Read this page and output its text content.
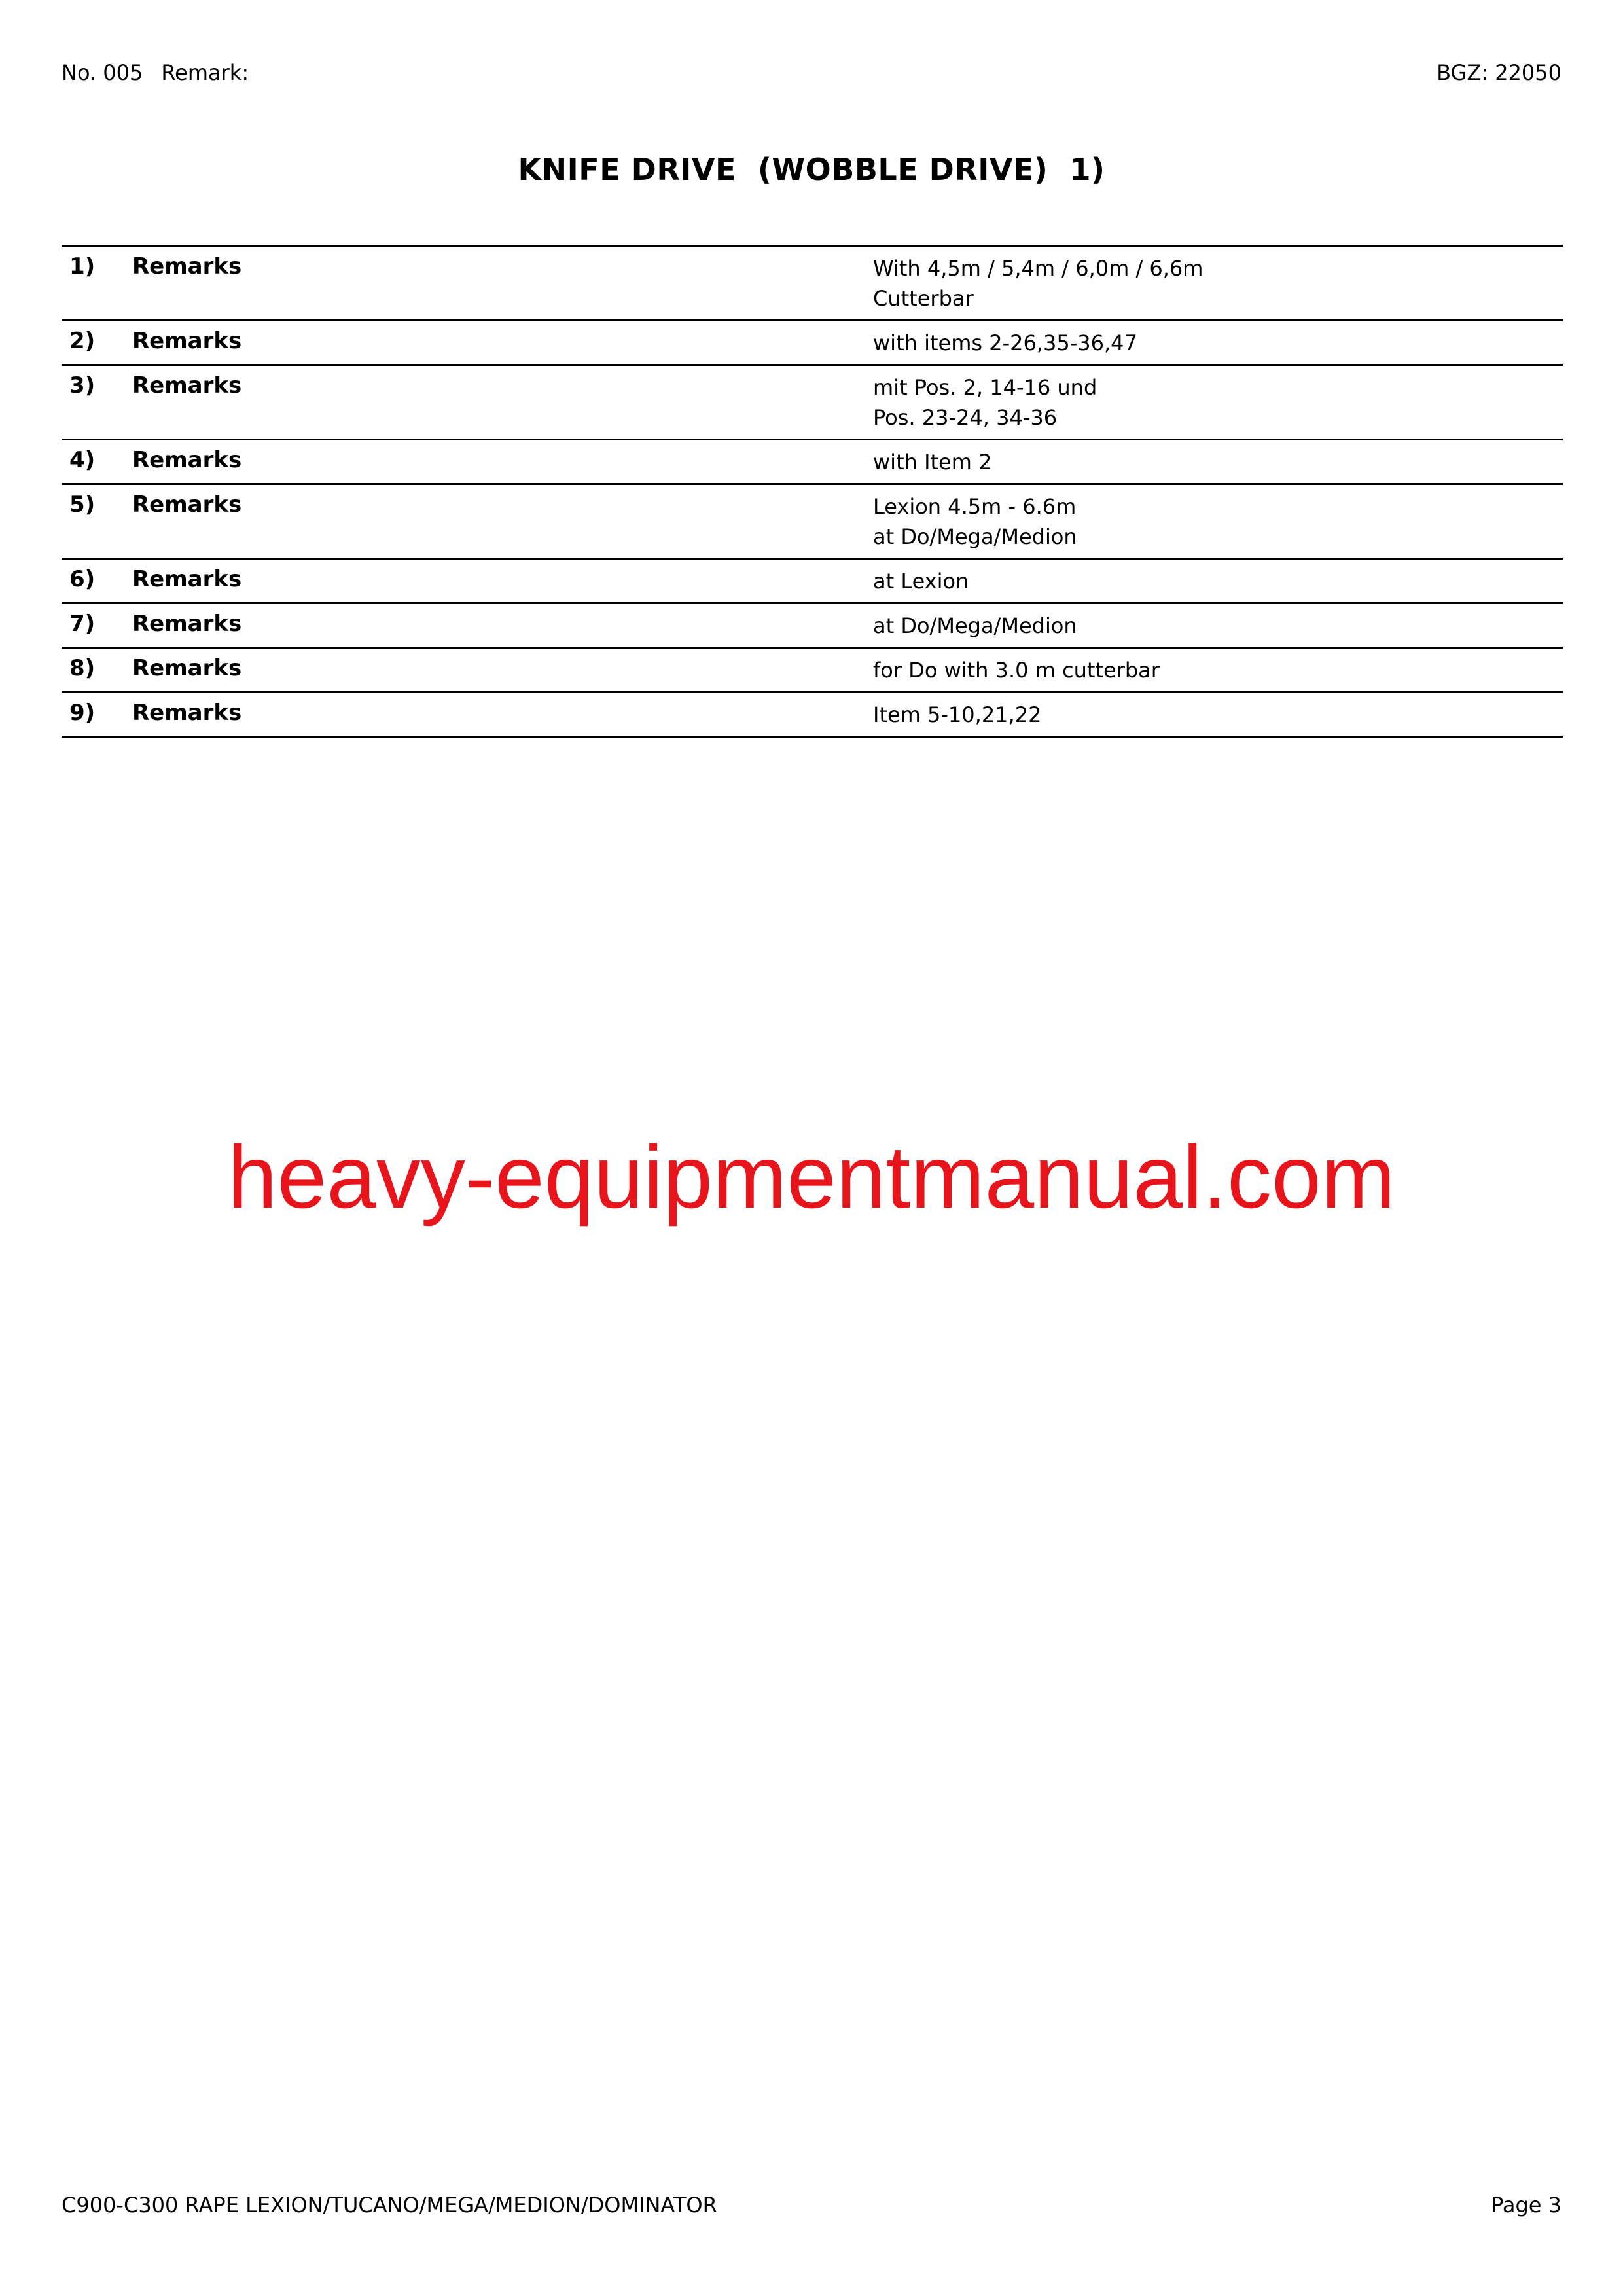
No. 005 Remark:	BGZ: 22050
KNIFE DRIVE  (WOBBLE DRIVE)  1)
1) Remarks	With 4,5m / 5,4m / 6,0m / 6,6m
Cutterbar
2) Remarks	with items 2-26,35-36,47
3) Remarks	mit Pos. 2, 14-16 und
Pos. 23-24, 34-36
4) Remarks	with Item 2
5) Remarks	Lexion 4.5m - 6.6m
at Do/Mega/Medion
6) Remarks	at Lexion
7) Remarks	at Do/Mega/Medion
8) Remarks	for Do with 3.0 m cutterbar
9) Remarks	Item 5-10,21,22
heavy-equipmentmanual.com
C900-C300 RAPE LEXION/TUCANO/MEGA/MEDION/DOMINATOR	Page 3
